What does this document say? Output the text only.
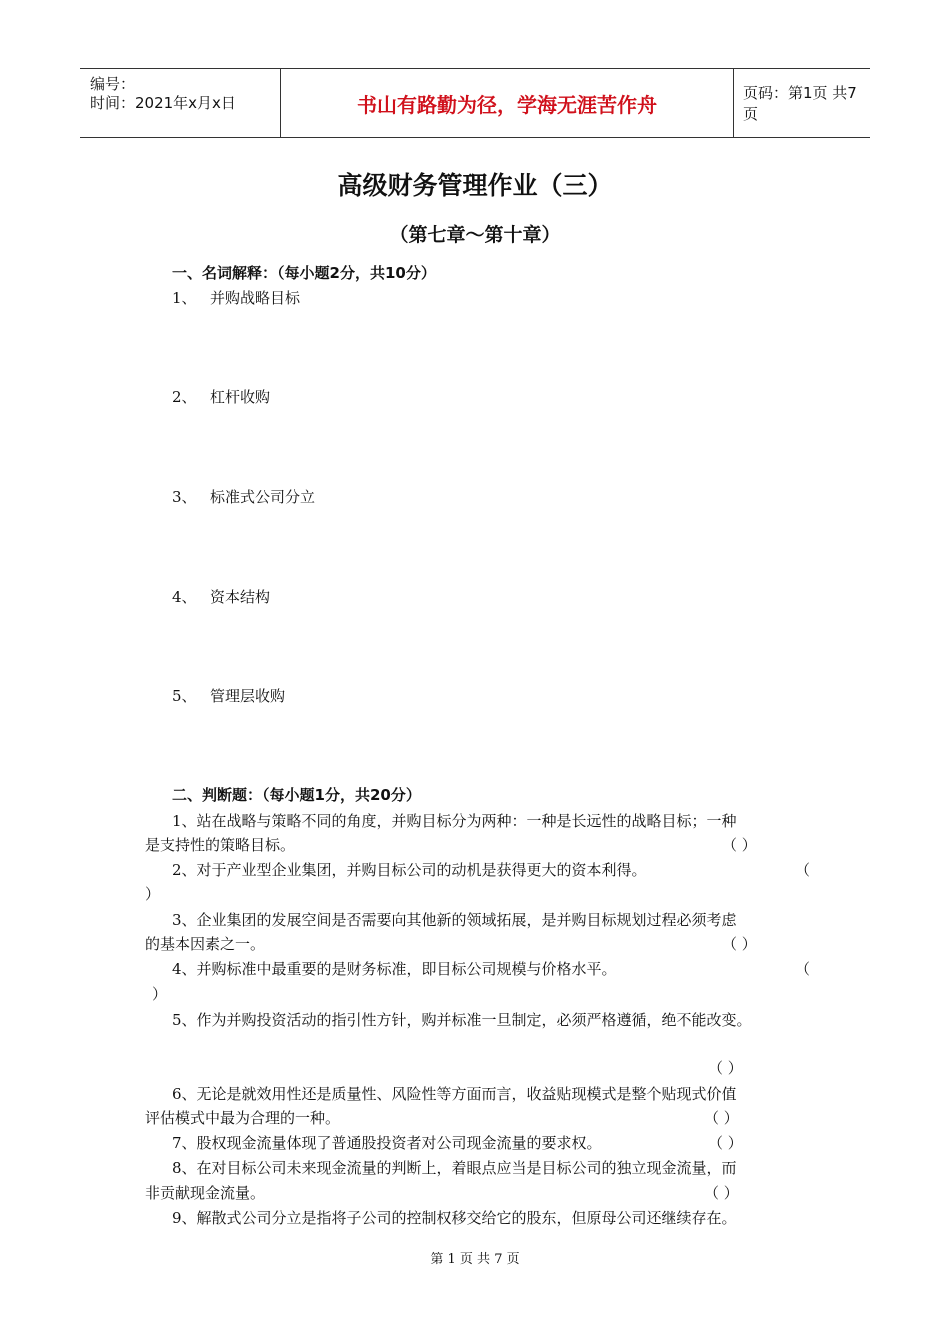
编号：
时间：2021年x月x日	书山有路勤为径，学海无涯苦作舟	页码：第1页 共7页
高级财务管理作业（三）
（第七章～第十章）
一、名词解释：（每小题2分，共10分）
1、 并购战略目标
2、 杠杆收购
3、 标准式公司分立
4、 资本结构
5、 管理层收购
二、判断题：（每小题1分，共20分）
1、站在战略与策略不同的角度，并购目标分为两种：一种是长远性的战略目标；一种
是支持性的策略目标。	（ ）
2、对于产业型企业集团，并购目标公司的动机是获得更大的资本利得。	（
）
3、企业集团的发展空间是否需要向其他新的领域拓展，是并购目标规划过程必须考虑
的基本因素之一。	（ ）
4、并购标准中最重要的是财务标准，即目标公司规模与价格水平。	（
）
5、作为并购投资活动的指引性方针，购并标准一旦制定，必须严格遵循，绝不能改变。
（ ）
6、无论是就效用性还是质量性、风险性等方面而言，收益贴现模式是整个贴现式价值
评估模式中最为合理的一种。	（ ）
7、股权现金流量体现了普通股投资者对公司现金流量的要求权。	（ ）
8、在对目标公司未来现金流量的判断上，着眼点应当是目标公司的独立现金流量，而
非贡献现金流量。	（ ）
9、解散式公司分立是指将子公司的控制权移交给它的股东，但原母公司还继续存在。
第 1 页 共 7 页
